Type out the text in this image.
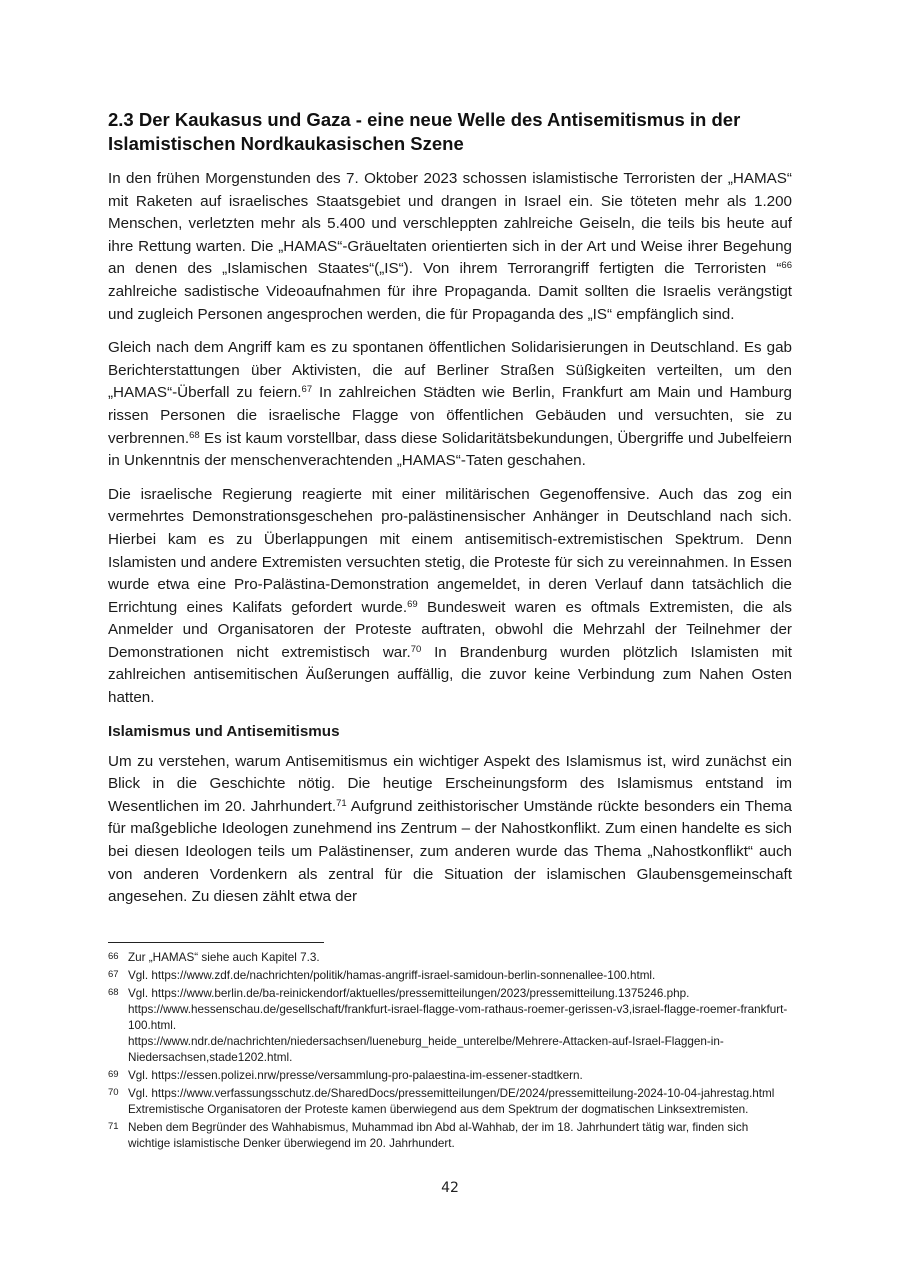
2.3 Der Kaukasus und Gaza - eine neue Welle des Antisemitismus in der Islamistischen Nordkaukasischen Szene

In den frühen Morgenstunden des 7. Oktober 2023 schossen islamistische Terroristen der „HAMAS“ mit Raketen auf israelisches Staatsgebiet und drangen in Israel ein. Sie töteten mehr als 1.200 Menschen, verletzten mehr als 5.400 und verschleppten zahlreiche Geiseln, die teils bis heute auf ihre Rettung warten. Die „HAMAS“-Gräueltaten orientierten sich in der Art und Weise ihrer Begehung an denen des „Islamischen Staates“(„IS“). Von ihrem Terrorangriff fertigten die Terroristen “$^{66}$ zahlreiche sadistische Videoaufnahmen für ihre Propaganda. Damit sollten die Israelis verängstigt und zugleich Personen angesprochen werden, die für Propaganda des „IS“ empfänglich sind.

Gleich nach dem Angriff kam es zu spontanen öffentlichen Solidarisierungen in Deutschland. Es gab Berichterstattungen über Aktivisten, die auf Berliner Straßen Süßigkeiten verteilten, um den „HAMAS“-Überfall zu feiern.$^{67}$ In zahlreichen Städten wie Berlin, Frankfurt am Main und Hamburg rissen Personen die israelische Flagge von öffentlichen Gebäuden und versuchten, sie zu verbrennen.$^{68}$ Es ist kaum vorstellbar, dass diese Solidaritätsbekundungen, Übergriffe und Jubelfeiern in Unkenntnis der menschenverachtenden „HAMAS“-Taten geschahen.

Die israelische Regierung reagierte mit einer militärischen Gegenoffensive. Auch das zog ein vermehrtes Demonstrationsgeschehen pro-palästinensischer Anhänger in Deutschland nach sich. Hierbei kam es zu Überlappungen mit einem antisemitisch-extremistischen Spektrum. Denn Islamisten und andere Extremisten versuchten stetig, die Proteste für sich zu vereinnahmen. In Essen wurde etwa eine Pro-Palästina-Demonstration angemeldet, in deren Verlauf dann tatsächlich die Errichtung eines Kalifats gefordert wurde.$^{69}$ Bundesweit waren es oftmals Extremisten, die als Anmelder und Organisatoren der Proteste auftraten, obwohl die Mehrzahl der Teilnehmer der Demonstrationen nicht extremistisch war.$^{70}$ In Brandenburg wurden plötzlich Islamisten mit zahlreichen antisemitischen Äußerungen auffällig, die zuvor keine Verbindung zum Nahen Osten hatten.

Islamismus und Antisemitismus

Um zu verstehen, warum Antisemitismus ein wichtiger Aspekt des Islamismus ist, wird zunächst ein Blick in die Geschichte nötig. Die heutige Erscheinungsform des Islamismus entstand im Wesentlichen im 20. Jahrhundert.$^{71}$ Aufgrund zeithistorischer Umstände rückte besonders ein Thema für maßgebliche Ideologen zunehmend ins Zentrum – der Nahostkonflikt. Zum einen handelte es sich bei diesen Ideologen teils um Palästinenser, zum anderen wurde das Thema „Nahostkonflikt“ auch von anderen Vordenkern als zentral für die Situation der islamischen Glaubensgemeinschaft angesehen. Zu diesen zählt etwa der

66 Zur „HAMAS“ siehe auch Kapitel 7.3.
67 Vgl. https://www.zdf.de/nachrichten/politik/hamas-angriff-israel-samidoun-berlin-sonnenallee-100.html.
68 Vgl. https://www.berlin.de/ba-reinickendorf/aktuelles/pressemitteilungen/2023/pressemitteilung.1375246.php.
https://www.hessenschau.de/gesellschaft/frankfurt-israel-flagge-vom-rathaus-roemer-gerissen-v3,israel-flagge-roemer-frankfurt-100.html.
https://www.ndr.de/nachrichten/niedersachsen/lueneburg_heide_unterelbe/Mehrere-Attacken-auf-Israel-Flaggen-in-Niedersachsen,stade1202.html.
69 Vgl. https://essen.polizei.nrw/presse/versammlung-pro-palaestina-im-essener-stadtkern.
70 Vgl. https://www.verfassungsschutz.de/SharedDocs/pressemitteilungen/DE/2024/pressemitteilung-2024-10-04-jahrestag.html Extremistische Organisatoren der Proteste kamen überwiegend aus dem Spektrum der dogmatischen Linksextremisten.
71 Neben dem Begründer des Wahhabismus, Muhammad ibn Abd al-Wahhab, der im 18. Jahrhundert tätig war, finden sich wichtige islamistische Denker überwiegend im 20. Jahrhundert.
42
